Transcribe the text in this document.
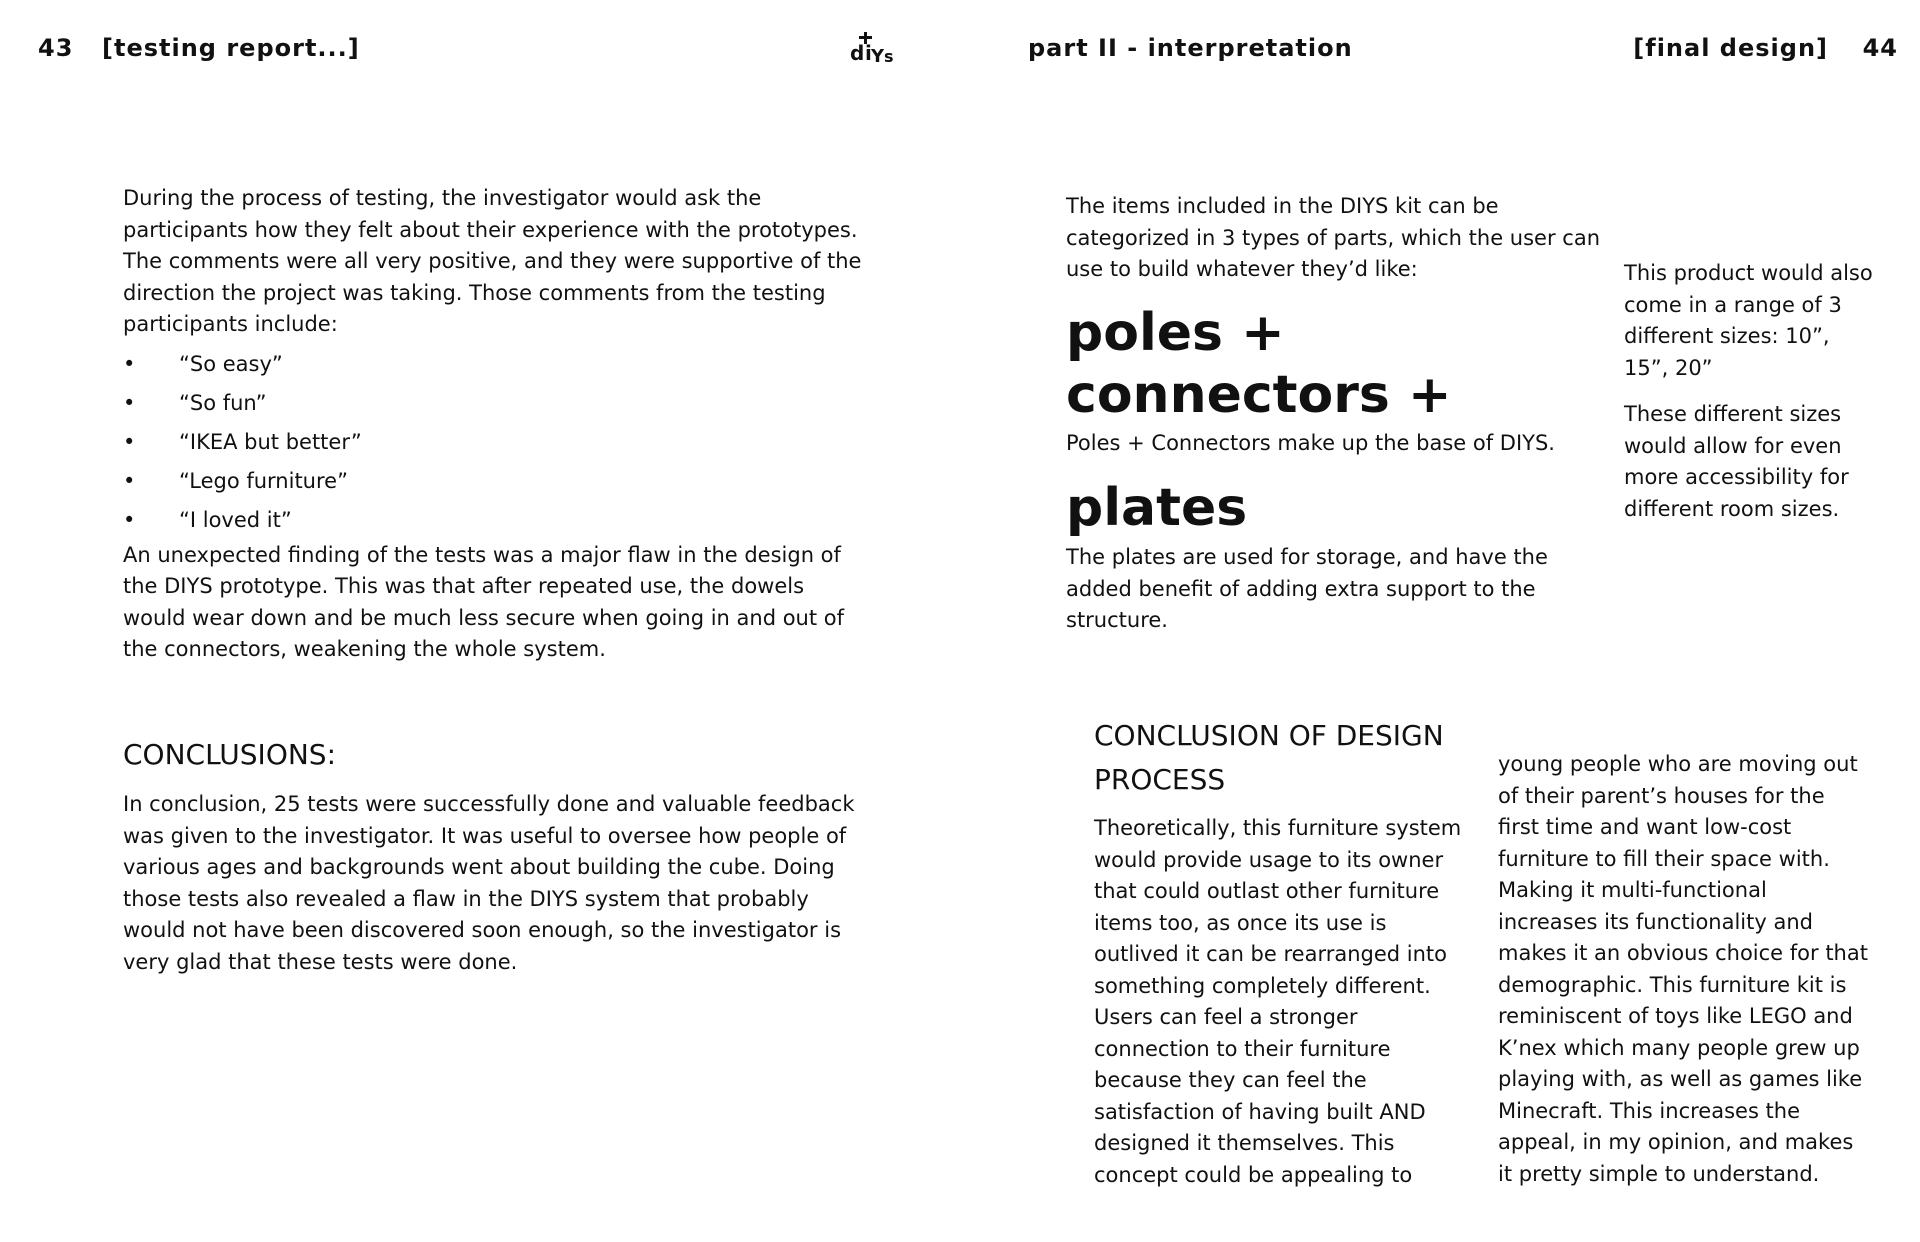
43 [testing report...]	d i Y s	part II - interpretation	[final design] 44

During the process of testing, the investigator would ask the participants how they felt about their experience with the prototypes. The comments were all very positive, and they were supportive of the direction the project was taking. Those comments from the testing participants include:

• “So easy”
• “So fun”
• “IKEA but better”
• “Lego furniture”
• “I loved it”

An unexpected finding of the tests was a major flaw in the design of the DIYS prototype. This was that after repeated use, the dowels would wear down and be much less secure when going in and out of the connectors, weakening the whole system.

CONCLUSIONS:
In conclusion, 25 tests were successfully done and valuable feedback was given to the investigator. It was useful to oversee how people of various ages and backgrounds went about building the cube. Doing those tests also revealed a flaw in the DIYS system that probably would not have been discovered soon enough, so the investigator is very glad that these tests were done.
The items included in the DIYS kit can be categorized in 3 types of parts, which the user can use to build whatever they’d like:
poles +
connectors +
Poles + Connectors make up the base of DIYS.
plates
The plates are used for storage, and have the added benefit of adding extra support to the structure.

This product would also come in a range of 3 different sizes: 10”, 15”, 20”

These different sizes would allow for even more accessibility for different room sizes.

CONCLUSION OF DESIGN PROCESS
Theoretically, this furniture system would provide usage to its owner that could outlast other furniture items too, as once its use is outlived it can be rearranged into something completely different. Users can feel a stronger connection to their furniture because they can feel the satisfaction of having built AND designed it themselves. This concept could be appealing to
young people who are moving out of their parent’s houses for the first time and want low-cost furniture to fill their space with. Making it multi-functional increases its functionality and makes it an obvious choice for that demographic. This furniture kit is reminiscent of toys like LEGO and K’nex which many people grew up playing with, as well as games like Minecraft. This increases the appeal, in my opinion, and makes it pretty simple to understand.
